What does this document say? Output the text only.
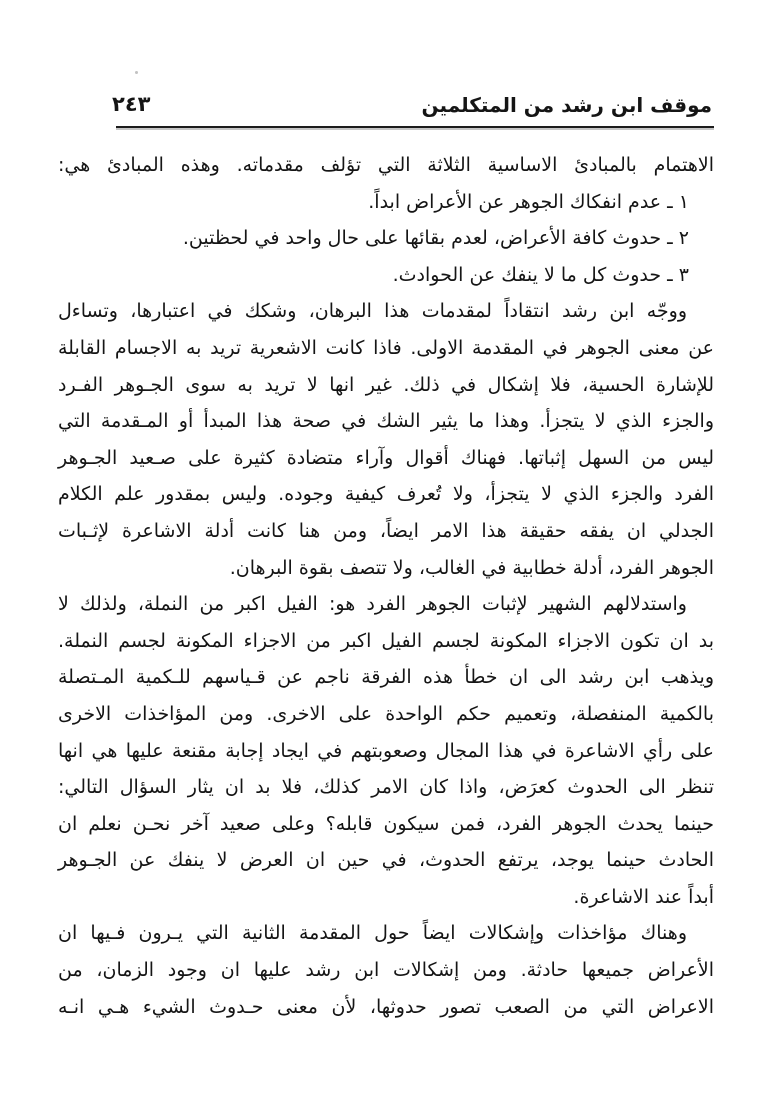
٢٤٣	موقف ابن رشد من المتكلمين
الاهتمام بالمبادئ الاساسية الثلاثة التي تؤلف مقدماته. وهذه المبادئ هي:
١ ـ عدم انفكاك الجوهر عن الأعراض ابداً.
٢ ـ حدوث كافة الأعراض، لعدم بقائها على حال واحد في لحظتين.
٣ ـ حدوث كل ما لا ينفك عن الحوادث.
ووجّه ابن رشد انتقاداً لمقدمات هذا البرهان، وشكك في اعتبارها، وتساءل
عن معنى الجوهر في المقدمة الاولى. فاذا كانت الاشعرية تريد به الاجسام القابلة
للإشارة الحسية، فلا إشكال في ذلك. غير انها لا تريد به سوى الجـوهر الفـرد
والجزء الذي لا يتجزأ. وهذا ما يثير الشك في صحة هذا المبدأ أو المـقدمة التي
ليس من السهل إثباتها. فهناك أقوال وآراء متضادة كثيرة على صـعيد الجـوهر
الفرد والجزء الذي لا يتجزأ، ولا تُعرف كيفية وجوده. وليس بمقدور علم الكلام
الجدلي ان يفقه حقيقة هذا الامر ايضاً، ومن هنا كانت أدلة الاشاعرة لإثـبات
الجوهر الفرد، أدلة خطابية في الغالب، ولا تتصف بقوة البرهان.
واستدلالهم الشهير لإثبات الجوهر الفرد هو: الفيل اكبر من النملة، ولذلك لا
بد ان تكون الاجزاء المكونة لجسم الفيل اكبر من الاجزاء المكونة لجسم النملة.
ويذهب ابن رشد الى ان خطأ هذه الفرقة ناجم عن قـياسهم للـكمية المـتصلة
بالكمية المنفصلة، وتعميم حكم الواحدة على الاخرى. ومن المؤاخذات الاخرى
على رأي الاشاعرة في هذا المجال وصعوبتهم في ايجاد إجابة مقنعة عليها هي انها
تنظر الى الحدوث كعرَض، واذا كان الامر كذلك، فلا بد ان يثار السؤال التالي:
حينما يحدث الجوهر الفرد، فمن سيكون قابله؟ وعلى صعيد آخر نحـن نعلم ان
الحادث حينما يوجد، يرتفع الحدوث، في حين ان العرض لا ينفك عن الجـوهر
أبداً عند الاشاعرة.
وهناك مؤاخذات وإشكالات ايضاً حول المقدمة الثانية التي يـرون فـيها ان
الأعراض جميعها حادثة. ومن إشكالات ابن رشد عليها ان وجود الزمان، من
الاعراض التي من الصعب تصور حدوثها، لأن معنى حـدوث الشيء هـي انـه
